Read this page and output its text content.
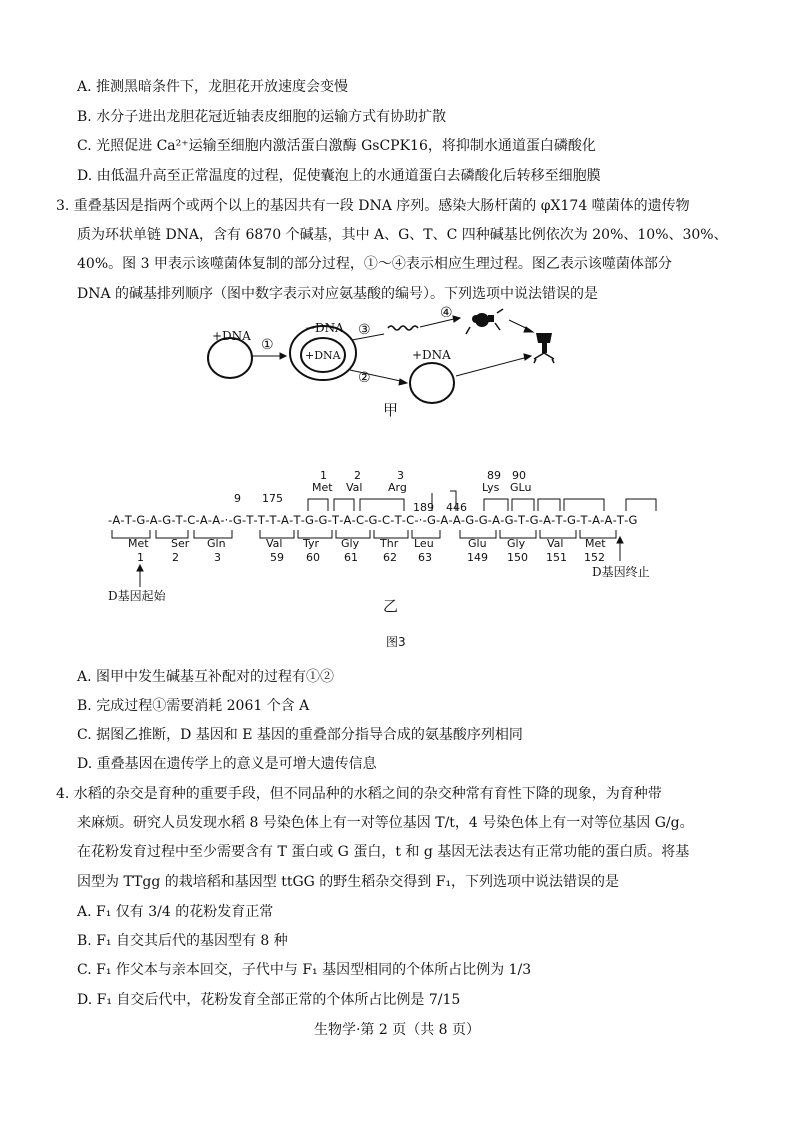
A. 推测黑暗条件下，龙胆花开放速度会变慢
B. 水分子进出龙胆花冠近轴表皮细胞的运输方式有协助扩散
C. 光照促进 Ca²⁺运输至细胞内激活蛋白激酶 GsCPK16，将抑制水通道蛋白磷酸化
D. 由低温升高至正常温度的过程，促使囊泡上的水通道蛋白去磷酸化后转移至细胞膜
3. 重叠基因是指两个或两个以上的基因共有一段 DNA 序列。感染大肠杆菌的 φX174 噬菌体的遗传物
质为环状单链 DNA，含有 6870 个碱基，其中 A、G、T、C 四种碱基比例依次为 20%、10%、30%、
40%。图 3 甲表示该噬菌体复制的部分过程，①～④表示相应生理过程。图乙表示该噬菌体部分
DNA 的碱基排列顺序（图中数字表示对应氨基酸的编号）。下列选项中说法错误的是
+DNA
−DNA
+DNA	+DNA
①
②
③
④
甲
1 2	3	89 90
Met Val Arg	Lys GLu
9 175
189 446
‑A‑T‑G‑A‑G‑T‑C‑A‑A‑·‑G‑T‑T‑T‑A‑T‑G‑G‑T‑A‑C‑G‑C‑T‑C‑·‑G‑A‑A‑G‑G‑A‑G‑T‑G‑A‑T‑G‑T‑A‑A‑T‑G
Met Ser Gln	Val Tyr Gly Thr Leu	Glu Gly Val Met
1	2	3	59 60 61 62 63	149 150 151 152
D基因终止
D基因起始
乙
图3
A. 图甲中发生碱基互补配对的过程有①②
B. 完成过程①需要消耗 2061 个含 A
C. 据图乙推断，D 基因和 E 基因的重叠部分指导合成的氨基酸序列相同
D. 重叠基因在遗传学上的意义是可增大遗传信息
4. 水稻的杂交是育种的重要手段，但不同品种的水稻之间的杂交种常有育性下降的现象，为育种带
来麻烦。研究人员发现水稻 8 号染色体上有一对等位基因 T/t，4 号染色体上有一对等位基因 G/g。
在花粉发育过程中至少需要含有 T 蛋白或 G 蛋白，t 和 g 基因无法表达有正常功能的蛋白质。将基
因型为 TTgg 的栽培稻和基因型 ttGG 的野生稻杂交得到 F₁，下列选项中说法错误的是
A. F₁ 仅有 3/4 的花粉发育正常
B. F₁ 自交其后代的基因型有 8 种
C. F₁ 作父本与亲本回交，子代中与 F₁ 基因型相同的个体所占比例为 1/3
D. F₁ 自交后代中，花粉发育全部正常的个体所占比例是 7/15
生物学·第 2 页（共 8 页）
